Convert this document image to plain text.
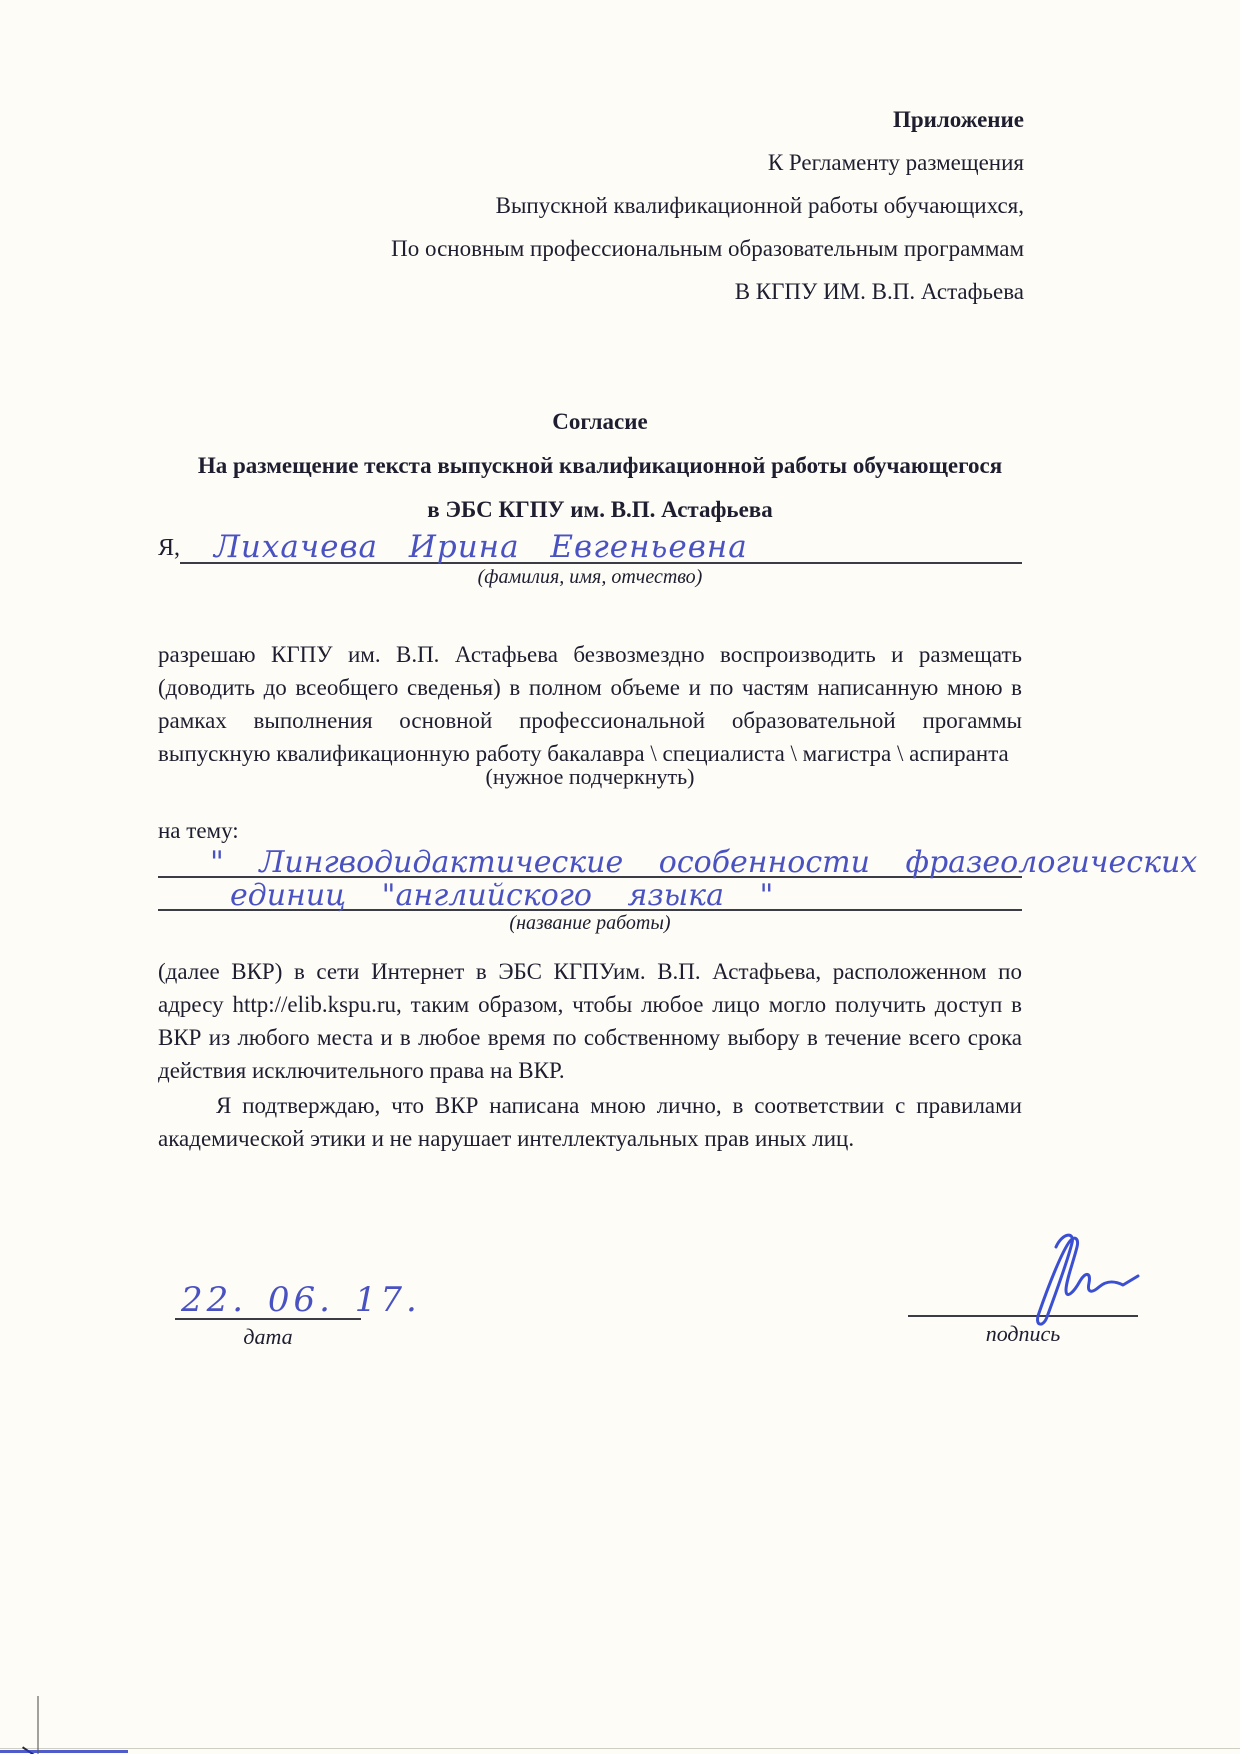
Приложение
К Регламенту размещения
Выпускной квалификационной работы обучающихся,
По основным профессиональным образовательным программам
В КГПУ ИМ. В.П. Астафьева
Согласие
На размещение текста выпускной квалификационной работы обучающегося
в ЭБС КГПУ им. В.П. Астафьева
Я, Лихачева Ирина Евгеньевна
(фамилия, имя, отчество)
разрешаю КГПУ им. В.П. Астафьева безвозмездно воспроизводить и размещать (доводить до всеобщего сведенья) в полном объеме и по частям написанную мною в рамках выполнения основной профессиональной образовательной прогаммы выпускную квалификационную работу бакалавра \ специалиста \ магистра \ аспиранта
(нужное подчеркнуть)
на тему:
" Лингводидактические особенности фразеологических
единиц "английского языка "
(название работы)
(далее ВКР) в сети Интернет в ЭБС КГПУим. В.П. Астафьева, расположенном по адресу http://elib.kspu.ru, таким образом, чтобы любое лицо могло получить доступ в ВКР из любого места и в любое время по собственному выбору в течение всего срока действия исключительного права на ВКР.
Я подтверждаю, что ВКР написана мною лично, в соответствии с правилами академической этики и не нарушает интеллектуальных прав иных лиц.
22. 06. 17.
дата	подпись
